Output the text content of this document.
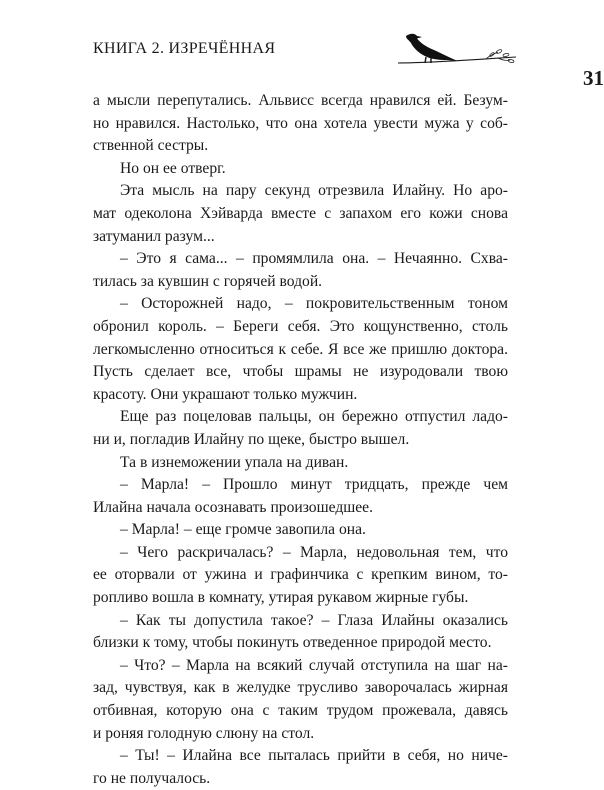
КНИГА 2. ИЗРЕЧЁННАЯ
31
а мысли перепутались. Альвисс всегда нравился ей. Безум-
но нравился. Настолько, что она хотела увести мужа у соб-
ственной сестры.
Но он ее отверг.
Эта мысль на пару секунд отрезвила Илайну. Но аро-
мат одеколона Хэйварда вместе с запахом его кожи снова
затуманил разум...
– Это я сама... – промямлила она. – Нечаянно. Схва-
тилась за кувшин с горячей водой.
– Осторожней надо, – покровительственным тоном
обронил король. – Береги себя. Это кощунственно, столь
легкомысленно относиться к себе. Я все же пришлю доктора.
Пусть сделает все, чтобы шрамы не изуродовали твою
красоту. Они украшают только мужчин.
Еще раз поцеловав пальцы, он бережно отпустил ладо-
ни и, погладив Илайну по щеке, быстро вышел.
Та в изнеможении упала на диван.
– Марла! – Прошло минут тридцать, прежде чем
Илайна начала осознавать произошедшее.
– Марла! – еще громче завопила она.
– Чего раскричалась? – Марла, недовольная тем, что
ее оторвали от ужина и графинчика с крепким вином, то-
ропливо вошла в комнату, утирая рукавом жирные губы.
– Как ты допустила такое? – Глаза Илайны оказались
близки к тому, чтобы покинуть отведенное природой место.
– Что? – Марла на всякий случай отступила на шаг на-
зад, чувствуя, как в желудке трусливо заворочалась жирная
отбивная, которую она с таким трудом прожевала, давясь
и роняя голодную слюну на стол.
– Ты! – Илайна все пыталась прийти в себя, но ниче-
го не получалось.
